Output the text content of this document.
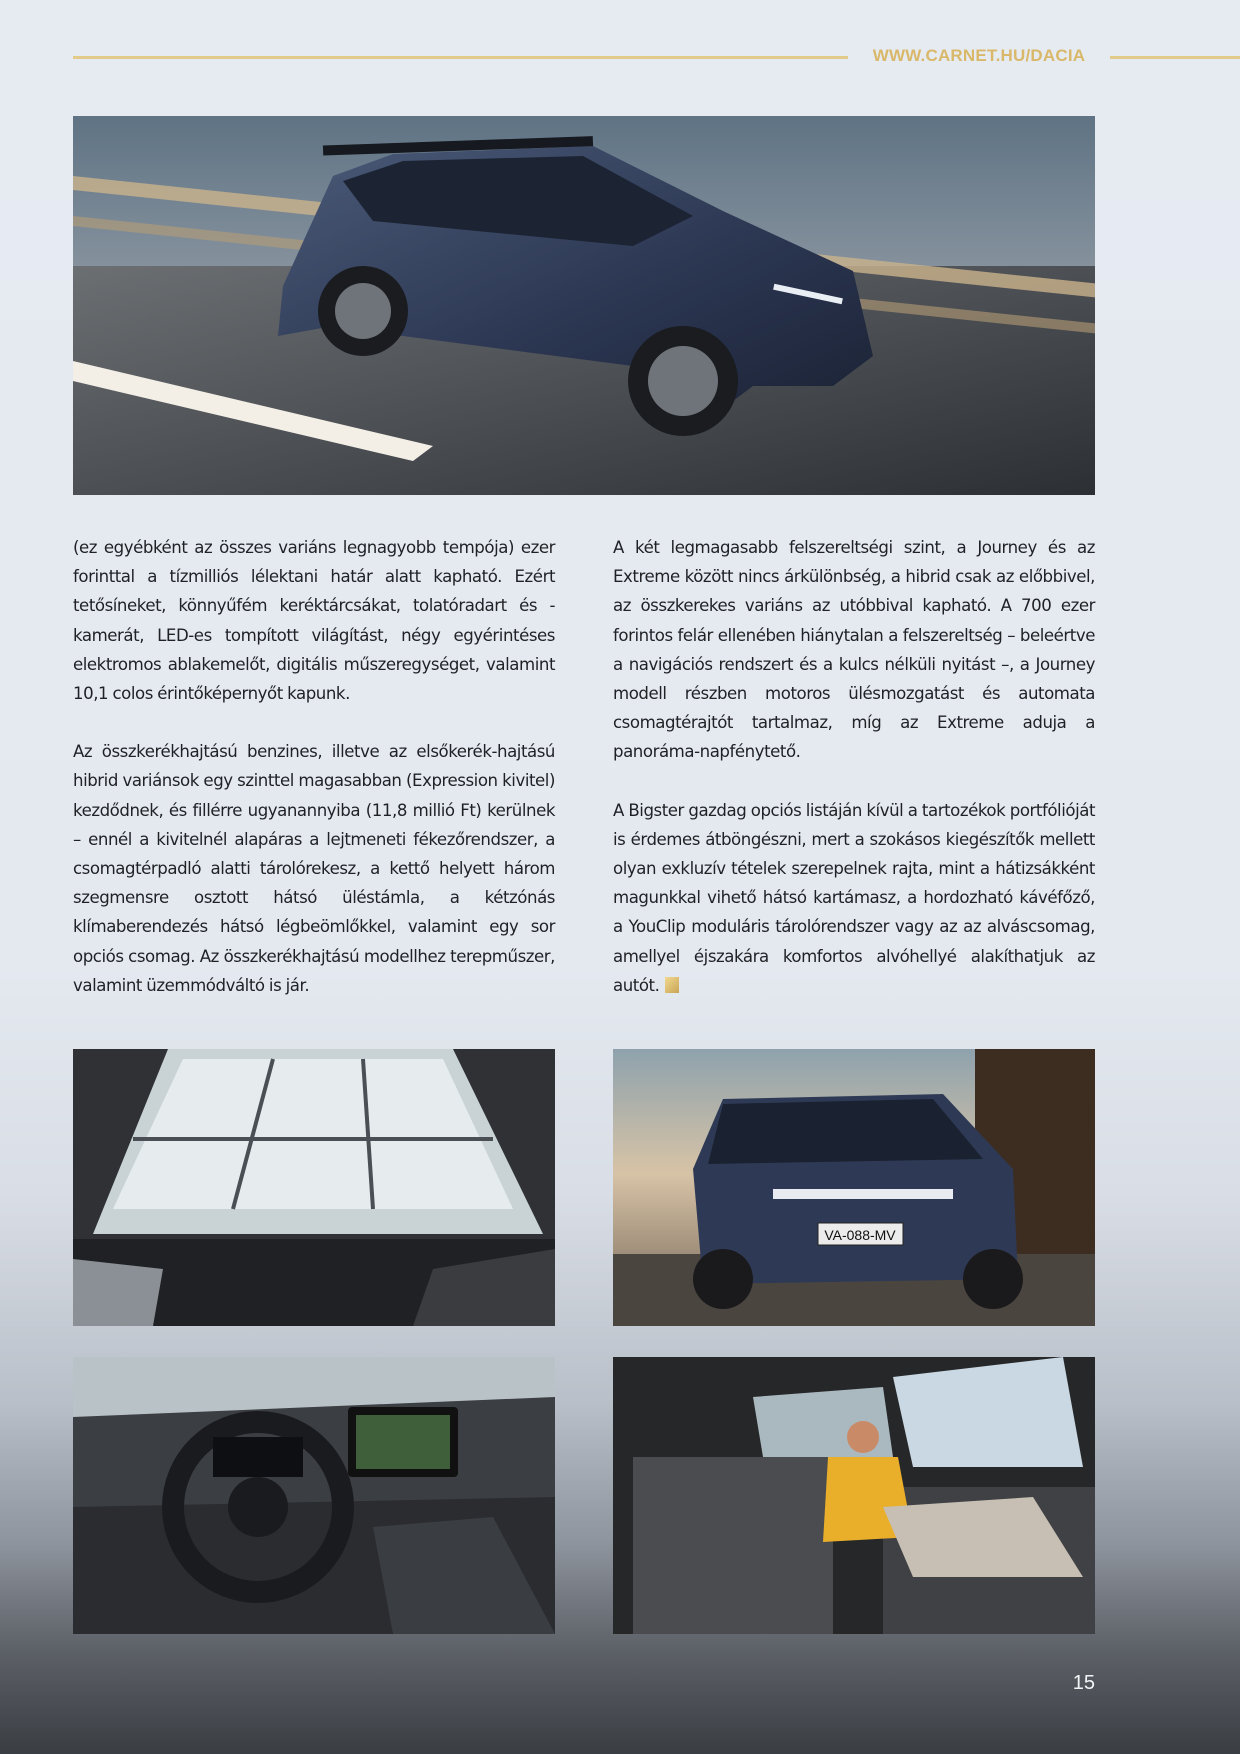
WWW.CARNET.HU/DACIA

(ez egyébként az összes variáns legnagyobb tempója) ezer forinttal a tízmilliós lélektani határ alatt kapható. Ezért tetősíneket, könnyűfém keréktárcsákat, tolatóradart és -kamerát, LED-es tompított világítást, négy egyérintéses elektromos ablakemelőt, digitális műszeregységet, valamint 10,1 colos érintőképernyőt kapunk.

Az összkerékhajtású benzines, illetve az elsőkerék-hajtású hibrid variánsok egy szinttel magasabban (Expression kivitel) kezdődnek, és fillérre ugyanannyiba (11,8 millió Ft) kerülnek – ennél a kivitelnél alapáras a lejtmeneti fékezőrendszer, a csomagtérpadló alatti tárolórekesz, a kettő helyett három szegmensre osztott hátsó üléstámla, a kétzónás klímaberendezés hátsó légbeömlőkkel, valamint egy sor opciós csomag. Az összkerékhajtású modellhez terepműszer, valamint üzemmódváltó is jár.

A két legmagasabb felszereltségi szint, a Journey és az Extreme között nincs árkülönbség, a hibrid csak az előbbivel, az összkerekes variáns az utóbbival kapható. A 700 ezer forintos felár ellenében hiánytalan a felszereltség – beleértve a navigációs rendszert és a kulcs nélküli nyitást –, a Journey modell részben motoros ülésmozgatást és automata csomagtérajtót tartalmaz, míg az Extreme aduja a panoráma-napfénytető.

A Bigster gazdag opciós listáján kívül a tartozékok portfólióját is érdemes átböngészni, mert a szokásos kiegészítők mellett olyan exkluzív tételek szerepelnek rajta, mint a hátizsákként magunkkal vihető hátsó kartámasz, a hordozható kávéfőző, a YouClip moduláris tárolórendszer vagy az az alváscsomag, amellyel éjszakára komfortos alvóhellyé alakíthatjuk az autót.

VA-088-MV
15
